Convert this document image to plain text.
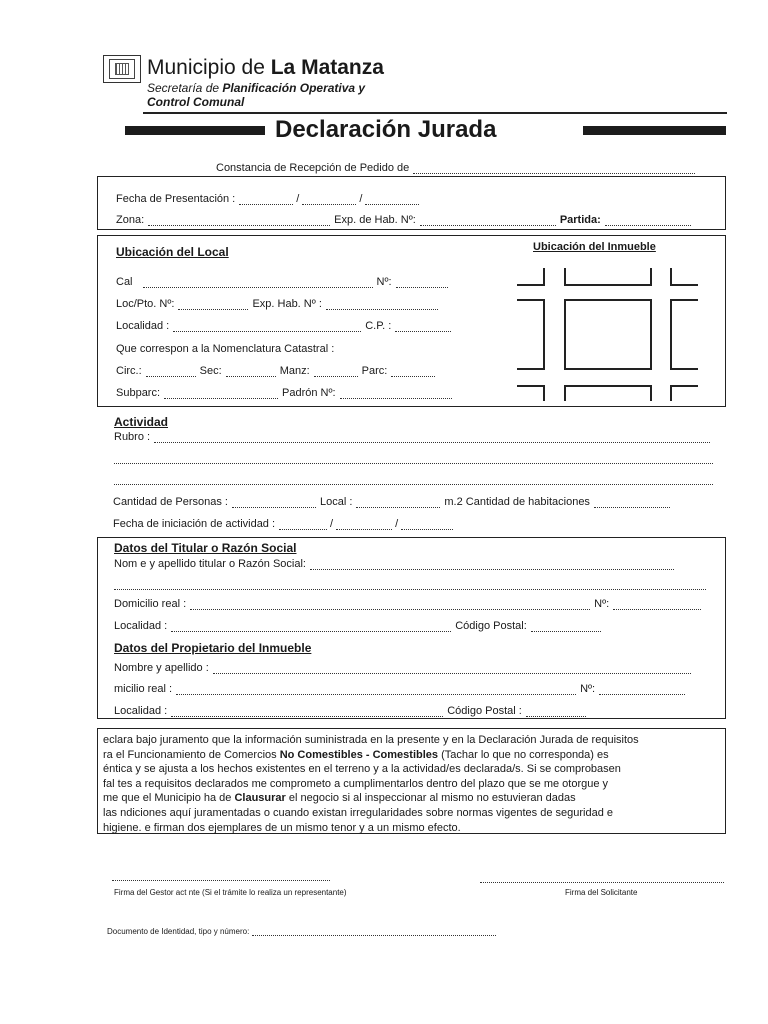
Municipio de La Matanza
Secretaría de Planificación Operativa y
Control Comunal
Declaración Jurada
Constancia de Recepción de Pedido de
Fecha de Presentación :	/	/
Zona:	Exp. de Hab. Nº:	Partida:
Ubicación del Local	Ubicación del Inmueble
Cal	Nº:
Loc/Pto. Nº:	Exp. Hab. Nº :
Localidad :	C.P. :
Que correspon a la Nomenclatura Catastral :
Circ.:	Sec:	Manz:	Parc:
Subparc:	Padrón Nº:
Actividad
Rubro :
Cantidad de Personas :	Local :	m.2 Cantidad de habitaciones
Fecha de iniciación de actividad :	/	/
Datos del Titular o Razón Social
Nom e y apellido titular o Razón Social:
Domicilio real :	Nº:
Localidad :	Código Postal:
Datos del Propietario del Inmueble
Nombre y apellido :
micilio real :	Nº:
Localidad :	Código Postal :
eclara bajo juramento que la información suministrada en la presente y en la Declaración Jurada de requisitos
ra el Funcionamiento de Comercios No Comestibles - Comestibles (Tachar lo que no corresponda) es
éntica y se ajusta a los hechos existentes en el terreno y a la actividad/es declarada/s. Si se comprobasen
fal tes a requisitos declarados me comprometo a cumplimentarlos dentro del plazo que se me otorgue y
me que el Municipio ha de Clausurar el negocio si al inspeccionar al mismo no estuvieran dadas
las ndiciones aquí juramentadas o cuando existan irregularidades sobre normas vigentes de seguridad e
higiene. e firman dos ejemplares de un mismo tenor y a un mismo efecto.
Firma del Gestor act nte (Si el trámite lo realiza un representante)	Firma del Solicitante
Documento de Identidad, tipo y número:
